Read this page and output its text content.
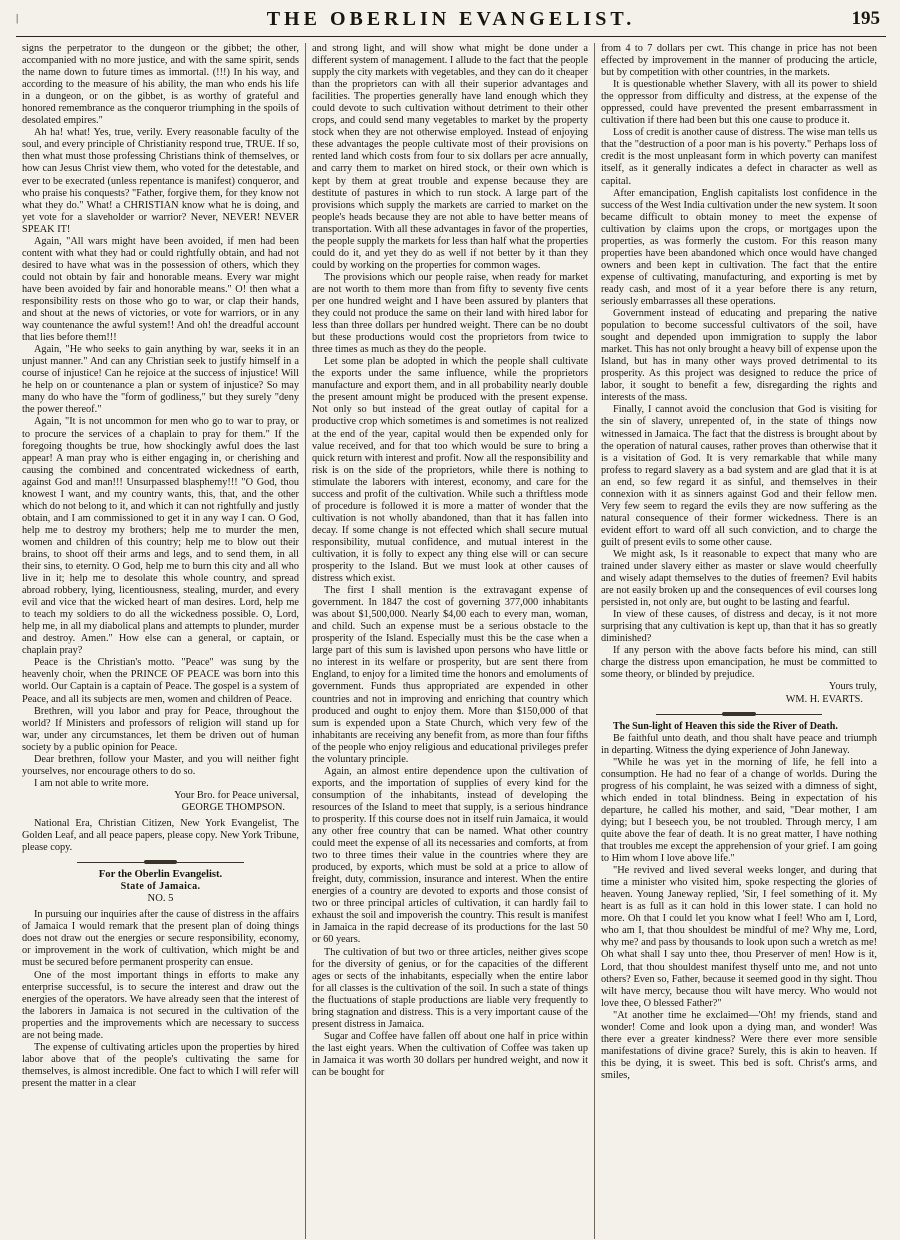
|	THE OBERLIN EVANGELIST.	195

signs the perpetrator to the dungeon or the gibbet; the other, accompanied with no more justice, and with the same spirit, sends the name down to future times as immortal. (!!!) In his way, and according to the measure of his ability, the man who ends his life in a dungeon, or on the gibbet, is as worthy of grateful and honored remembrance as the conqueror triumphing in the spoils of desolated empires."

Ah ha! what! Yes, true, verily. Every reasonable faculty of the soul, and every principle of Christianity respond true, TRUE. If so, then what must those professing Christians think of themselves, or how can Jesus Christ view them, who voted for the detestable, and ever to be execrated (unless repentance is manifest) conqueror, and who praise his conquests? "Father, forgive them, for they know not what they do." What! a CHRISTIAN know what he is doing, and yet vote for a slaveholder or warrior? Never, NEVER! NEVER SPEAK IT!

Again, "All wars might have been avoided, if men had been content with what they had or could rightfully obtain, and had not desired to have what was in the possession of others, which they could not obtain by fair and honorable means. Every war might have been avoided by fair and honorable means." O! then what a responsibility rests on those who go to war, or clap their hands, and shout at the news of victories, or vote for warriors, or in any way countenance the awful system!! And oh! the dreadful account that lies before them!!!

Again, "He who seeks to gain anything by war, seeks it in an unjust manner." And can any Christian seek to justify himself in a course of injustice! Can he rejoice at the success of injustice! Will he help on or countenance a plan or system of injustice? So may many do who have the "form of godliness," but they surely "deny the power thereof."

Again, "It is not uncommon for men who go to war to pray, or to procure the services of a chaplain to pray for them." If the foregoing thoughts be true, how shockingly awful does the last appear! A man pray who is either engaging in, or cherishing and causing the combined and concentrated wickedness of earth, against God and man!!! Unsurpassed blasphemy!!! "O God, thou knowest I want, and my country wants, this, that, and the other which do not belong to it, and which it can not rightfully and justly obtain, and I am commissioned to get it in any way I can. O God, help me to destroy my brothers; help me to murder the men, women and children of this country; help me to blow out their brains, to shoot off their arms and legs, and to send them, in all their sins, to eternity. O God, help me to burn this city and all who live in it; help me to desolate this whole country, and spread abroad robbery, lying, licentiousness, stealing, murder, and every evil and vice that the wicked heart of man desires. Lord, help me to teach my soldiers to do all the wickedness possible. O, Lord, help me, in all my diabolical plans and attempts to plunder, murder and destroy. Amen." How else can a general, or captain, or chaplain pray?

Peace is the Christian's motto. "Peace" was sung by the heavenly choir, when the PRINCE OF PEACE was born into this world. Our Captain is a captain of Peace. The gospel is a system of Peace, and all its subjects are men, women and children of Peace.

Brethren, will you labor and pray for Peace, throughout the world? If Ministers and professors of religion will stand up for war, under any circumstances, let them be driven out of human society by a public opinion for Peace.

Dear brethren, follow your Master, and you will neither fight yourselves, nor encourage others to do so.

I am not able to write more.

Your Bro. for Peace universal,

GEORGE THOMPSON.

National Era, Christian Citizen, New York Evangelist, The Golden Leaf, and all peace papers, please copy. New York Tribune, please copy.

For the Oberlin Evangelist.
State of Jamaica.
NO. 5

In pursuing our inquiries after the cause of distress in the affairs of Jamaica I would remark that the present plan of doing things does not draw out the energies or secure responsibility, economy, or improvement in the work of cultivation, which might be and must be secured before permanent prosperity can ensue.

One of the most important things in efforts to make any enterprise successful, is to secure the interest and draw out the energies of the operators. We have already seen that the interest of the laborers in Jamaica is not secured in the cultivation of the properties and the improvements which are necessary to success are not being made.

The expense of cultivating articles upon the properties by hired labor above that of the people's cultivating the same for themselves, is almost incredible. One fact to which I will refer will present the matter in a clear

and strong light, and will show what might be done under a different system of management. I allude to the fact that the people supply the city markets with vegetables, and they can do it cheaper than the proprietors can with all their superior advantages and facilities. The properties generally have land enough which they could devote to such cultivation without detriment to their other crops, and could send many vegetables to market by the property stock when they are not otherwise employed. Instead of enjoying these advantages the people cultivate most of their provisions on rented land which costs from four to six dollars per acre annually, and carry them to market on hired stock, or their own which is kept by them at great trouble and expense because they are destitute of pastures in which to run stock. A large part of the provisions which supply the markets are carried to market on the people's heads because they are not able to have better means of transportation. With all these advantages in favor of the properties, the people supply the markets for less than half what the properties could do it, and yet they do as well if not better by it than they could by working on the properties for common wages.

The provisions which our people raise, when ready for market are not worth to them more than from fifty to seventy five cents per one hundred weight and I have been assured by planters that they could not produce the same on their land with hired labor for less than three dollars per hundred weight. There can be no doubt but these productions would cost the proprietors from twice to three times as much as they do the people.

Let some plan be adopted in which the people shall cultivate the exports under the same influence, while the proprietors manufacture and export them, and in all probability nearly double the present amount might be produced with the present expense. Not only so but instead of the great outlay of capital for a productive crop which sometimes is and sometimes is not realized at the end of the year, capital would then be expended only for value received, and for that too which would be sure to bring a quick return with interest and profit. Now all the responsibility and risk is on the side of the proprietors, while there is nothing to stimulate the laborers with interest, economy, and care for the success and profit of the cultivation. While such a thriftless mode of procedure is followed it is more a matter of wonder that the cultivation is not wholly abandoned, than that it has fallen into decay. If some change is not effected which shall secure mutual responsibility, mutual confidence, and mutual interest in the cultivation, it is folly to expect any thing else will or can secure prosperity to the Island. But we must look at other causes of distress which exist.

The first I shall mention is the extravagant expense of government. In 1847 the cost of governing 377,000 inhabitants was about $1,500,000. Nearly $4,00 each to every man, woman, and child. Such an expense must be a serious obstacle to the prosperity of the Island. Especially must this be the case when a large part of this sum is lavished upon persons who have little or no interest in its welfare or prosperity, but are sent there from England, to enjoy for a limited time the honors and emoluments of government. Funds thus appropriated are expended in other countries and not in improving and enriching that country which produced and ought to enjoy them. More than $150,000 of that sum is expended upon a State Church, which very few of the inhabitants are receiving any benefit from, as more than four fifths of the people who enjoy religious and educational privileges prefer the voluntary principle.

Again, an almost entire dependence upon the cultivation of exports, and the importation of supplies of every kind for the consumption of the inhabitants, instead of developing the resources of the Island to meet that supply, is a serious hindrance to prosperity. If this course does not in itself ruin Jamaica, it would any other free country that can be named. What other country could meet the expense of all its necessaries and comforts, at from two to three times their value in the countries where they are produced, by exports, which must be sold at a price to allow of freight, duty, commission, insurance and interest. When the entire energies of a country are devoted to exports and those consist of two or three principal articles of cultivation, it can hardly fail to exhaust the soil and impoverish the country. This result is manifest in Jamaica in the rapid decrease of its productions for the last 50 or 60 years.

The cultivation of but two or three articles, neither gives scope for the diversity of genius, or for the capacities of the different ages or sects of the inhabitants, especially when the entire labor for all classes is the cultivation of the soil. In such a state of things the fluctuations of staple productions are liable very frequently to bring stagnation and distress. This is a very important cause of the present distress in Jamaica.

Sugar and Coffee have fallen off about one half in price within the last eight years. When the cultivation of Coffee was taken up in Jamaica it was worth 30 dollars per hundred weight, and now it can be bought for

from 4 to 7 dollars per cwt. This change in price has not been effected by improvement in the manner of producing the article, but by competition with other countries, in the markets.

It is questionable whether Slavery, with all its power to shield the oppressor from difficulty and distress, at the expense of the oppressed, could have prevented the present embarrassment in cultivation if there had been but this one cause to produce it.

Loss of credit is another cause of distress. The wise man tells us that the "destruction of a poor man is his poverty." Perhaps loss of credit is the most unpleasant form in which poverty can manifest itself, as it generally indicates a defect in character as well as capital.

After emancipation, English capitalists lost confidence in the success of the West India cultivation under the new system. It soon became difficult to obtain money to meet the expense of cultivation by claims upon the crops, or mortgages upon the properties, as was formerly the custom. For this reason many properties have been abandoned which once would have changed owners and been kept in cultivation. The fact that the entire expense of cultivating, manufacturing, and exporting is met by ready cash, and most of it a year before there is any return, seriously embarrasses all these operations.

Government instead of educating and preparing the native population to become successful cultivators of the soil, have sought and depended upon immigration to supply the labor market. This has not only brought a heavy bill of expense upon the Island, but has in many other ways proved detrimental to its prosperity. As this project was designed to reduce the price of labor, it sought to benefit a few, disregarding the rights and interests of the mass.

Finally, I cannot avoid the conclusion that God is visiting for the sin of slavery, unrepented of, in the state of things now witnessed in Jamaica. The fact that the distress is brought about by the operation of natural causes, rather proves than otherwise that it is a visitation of God. It is very remarkable that while many profess to regard slavery as a bad system and are glad that it is at an end, so few regard it as sinful, and themselves in their connexion with it as sinners against God and their fellow men. Very few seem to regard the evils they are now suffering as the natural consequence of their former wickedness. There is an evident effort to ward off all such conviction, and to charge the guilt of present evils to some other cause.

We might ask, Is it reasonable to expect that many who are trained under slavery either as master or slave would cheerfully and wisely adapt themselves to the duties of freemen? Evil habits are not easily broken up and the consequences of evil courses long persisted in, not only are, but ought to be lasting and fearful.

In view of these causes, of distress and decay, is it not more surprising that any cultivation is kept up, than that it has so greatly diminished?

If any person with the above facts before his mind, can still charge the distress upon emancipation, he must be committed to some theory, or blinded by prejudice.

Yours truly,

WM. H. EVARTS.

The Sun-light of Heaven this side the River of Death.

Be faithful unto death, and thou shalt have peace and triumph in departing. Witness the dying experience of John Janeway.

"While he was yet in the morning of life, he fell into a consumption. He had no fear of a change of worlds. During the progress of his complaint, he was seized with a dimness of sight, which ended in total blindness. Being in expectation of his departure, he called his mother, and said, "Dear mother, I am dying; but I beseech you, be not troubled. Through mercy, I am quite above the fear of death. It is no great matter, I have nothing that troubles me except the apprehension of your grief. I am going to Him whom I love above life."

"He revived and lived several weeks longer, and during that time a minister who visited him, spoke respecting the glories of heaven. Young Janeway replied, 'Sir, I feel something of it. My heart is as full as it can hold in this lower state. I can hold no more. Oh that I could let you know what I feel! Who am I, Lord, who am I, that thou shouldest be mindful of me? Why me, Lord, why me? and pass by thousands to look upon such a wretch as me! Oh what shall I say unto thee, thou Preserver of men! How is it, Lord, that thou shouldest manifest thyself unto me, and not unto others? Even so, Father, because it seemed good in thy sight. Thou wilt have mercy, because thou wilt have mercy. Who would not love thee, O blessed Father?"

"At another time he exclaimed—'Oh! my friends, stand and wonder! Come and look upon a dying man, and wonder! Was there ever a greater kindness? Were there ever more sensible manifestations of divine grace? Surely, this is akin to heaven. If this be dying, it is sweet. This bed is soft. Christ's arms, and smiles,
